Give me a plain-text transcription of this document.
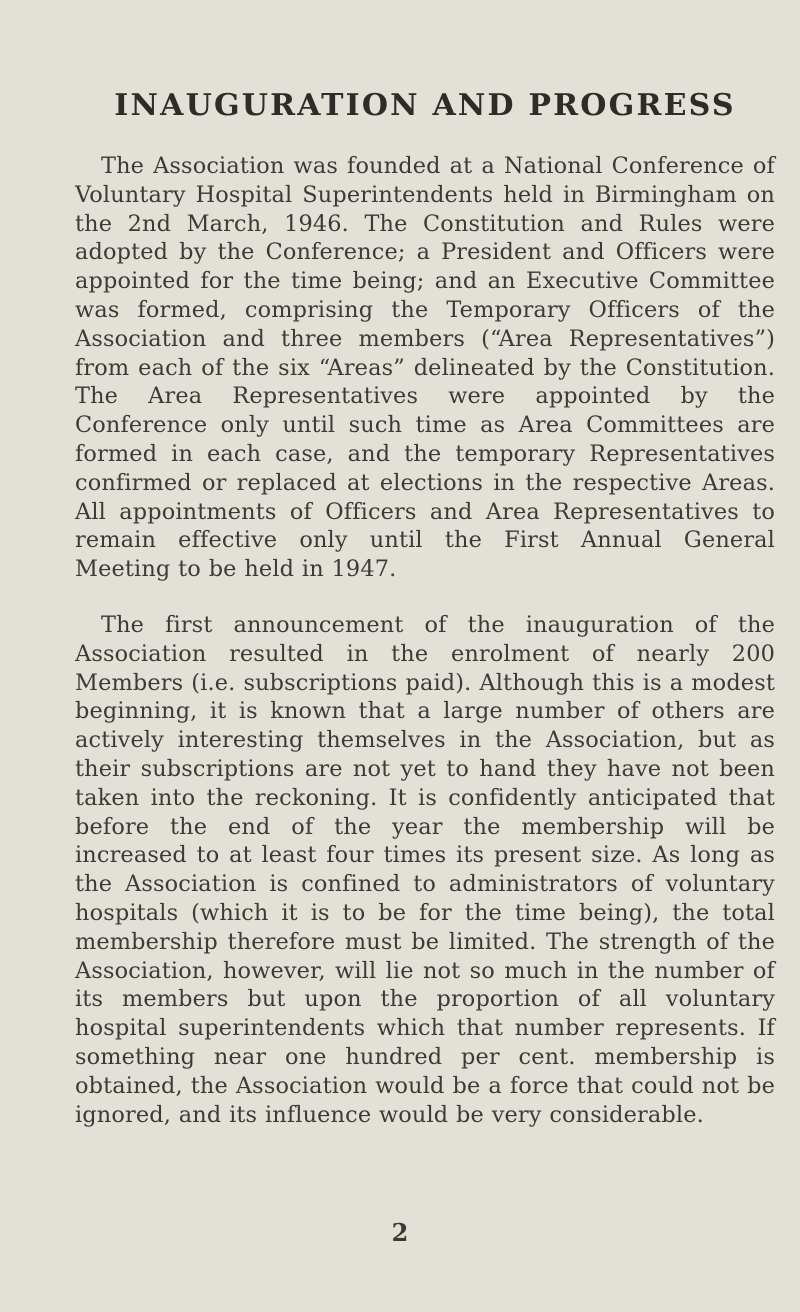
INAUGURATION AND PROGRESS

The Association was founded at a National Conference of Voluntary Hospital Superintendents held in Birmingham on the 2nd March, 1946. The Constitution and Rules were adopted by the Conference; a President and Officers were appointed for the time being; and an Executive Committee was formed, comprising the Temporary Officers of the Association and three members (“Area Representatives”) from each of the six “Areas” delineated by the Constitution. The Area Representatives were appointed by the Conference only until such time as Area Committees are formed in each case, and the temporary Representatives confirmed or replaced at elections in the respective Areas. All appointments of Officers and Area Representatives to remain effective only until the First Annual General Meeting to be held in 1947.

The first announcement of the inauguration of the Association resulted in the enrolment of nearly 200 Members (i.e. subscriptions paid). Although this is a modest beginning, it is known that a large number of others are actively interesting themselves in the Association, but as their subscriptions are not yet to hand they have not been taken into the reckoning. It is confidently anticipated that before the end of the year the membership will be increased to at least four times its present size. As long as the Association is confined to administrators of voluntary hospitals (which it is to be for the time being), the total membership therefore must be limited. The strength of the Association, however, will lie not so much in the number of its members but upon the proportion of all voluntary hospital superintendents which that number represents. If something near one hundred per cent. membership is obtained, the Association would be a force that could not be ignored, and its influence would be very considerable.

2
